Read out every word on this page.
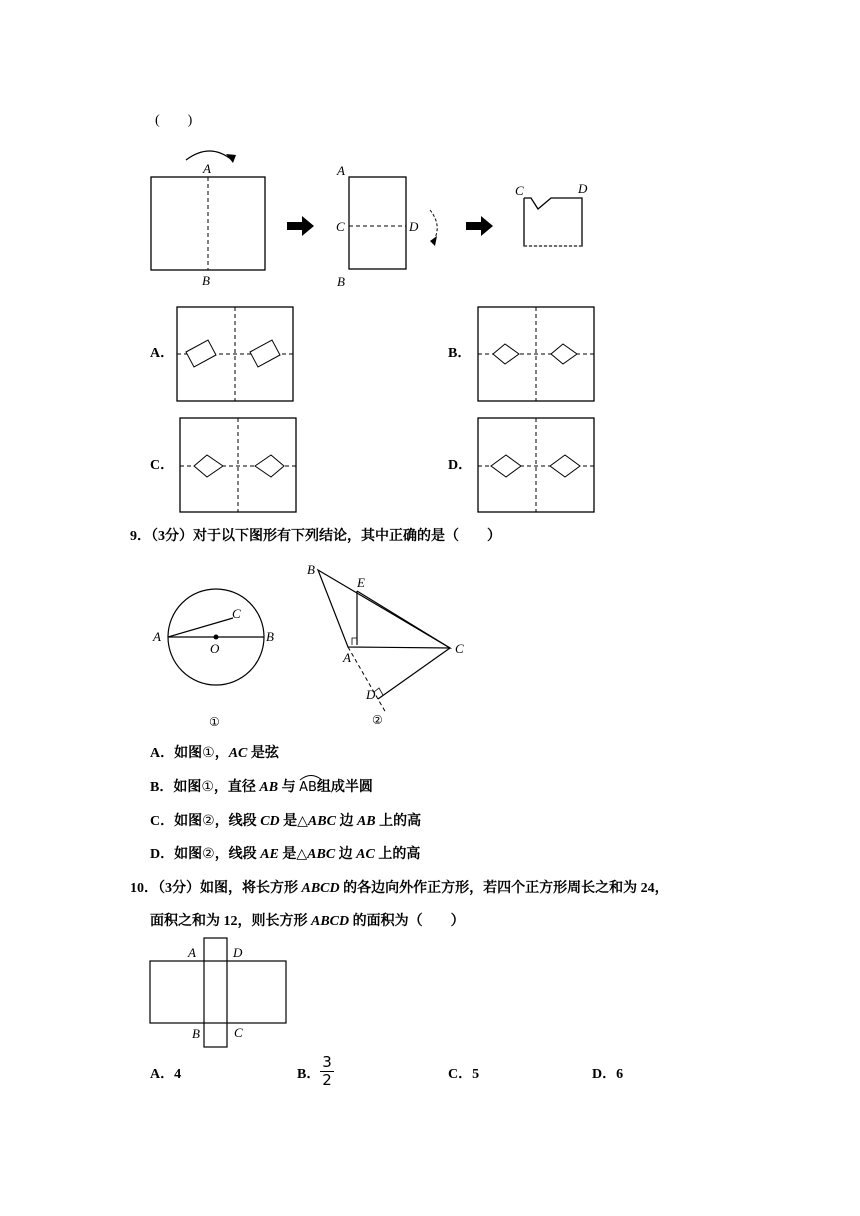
(　　)
A
B
A
C	D
B
C	D
A．	B．
C．	D．
9．（3分）对于以下图形有下列结论，其中正确的是（　　）
A
O
B
C
①
B
E
A
C
D
②
A．如图①，AC 是弦
B．如图①，直径 AB 与
AB组成半圆
C．如图②，线段 CD 是△ABC 边 AB 上的高
D．如图②，线段 AE 是△ABC 边 AC 上的高
10．（3分）如图，将长方形 ABCD 的各边向外作正方形，若四个正方形周长之和为 24，
面积之和为 12，则长方形 ABCD 的面积为（　　）
A	D
B	C
A．4	B．
3
2	C．5	D．6
